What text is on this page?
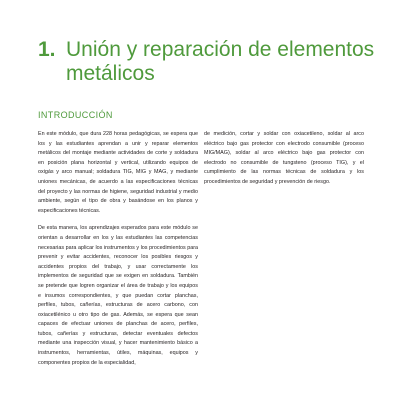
1. Unión y reparación de elementos metálicos
INTRODUCCIÓN

En este módulo, que dura 228 horas pedagógicas, se espera que los y las estudiantes aprendan a unir y reparar elementos metálicos del montaje mediante actividades de corte y soldadura en posición plana horizontal y vertical, utilizando equipos de oxigás y arco manual; soldadura TIG, MIG y MAG, y mediante uniones mecánicas, de acuerdo a las especificaciones técnicas del proyecto y las normas de higiene, seguridad industrial y medio ambiente, según el tipo de obra y basándose en los planos y especificaciones técnicas.

De esta manera, los aprendizajes esperados para este módulo se orientan a desarrollar en los y las estudiantes las competencias necesarias para aplicar los instrumentos y los procedimientos para prevenir y evitar accidentes, reconocer los posibles riesgos y accidentes propios del trabajo, y usar correctamente los implementos de seguridad que se exigen en soldadura. También se pretende que logren organizar el área de trabajo y los equipos e insumos correspondientes, y que puedan cortar planchas, perfiles, tubos, cañerías, estructuras de acero carbono, con oxiacetilénico u otro tipo de gas. Además, se espera que sean capaces de efectuar uniones de planchas de acero, perfiles, tubos, cañerías y estructuras, detectar eventuales defectos mediante una inspección visual, y hacer mantenimiento básico a instrumentos, herramientas, útiles, máquinas, equipos y componentes propios de la especialidad,

de medición, cortar y soldar con oxiacetileno, soldar al arco eléctrico bajo gas protector con electrodo consumible (proceso MIG/MAG), soldar al arco eléctrico bajo gas protector con electrodo no consumible de tungsteno (proceso TIG), y el cumplimiento de las normas técnicas de soldadura y los procedimientos de seguridad y prevención de riesgo.
